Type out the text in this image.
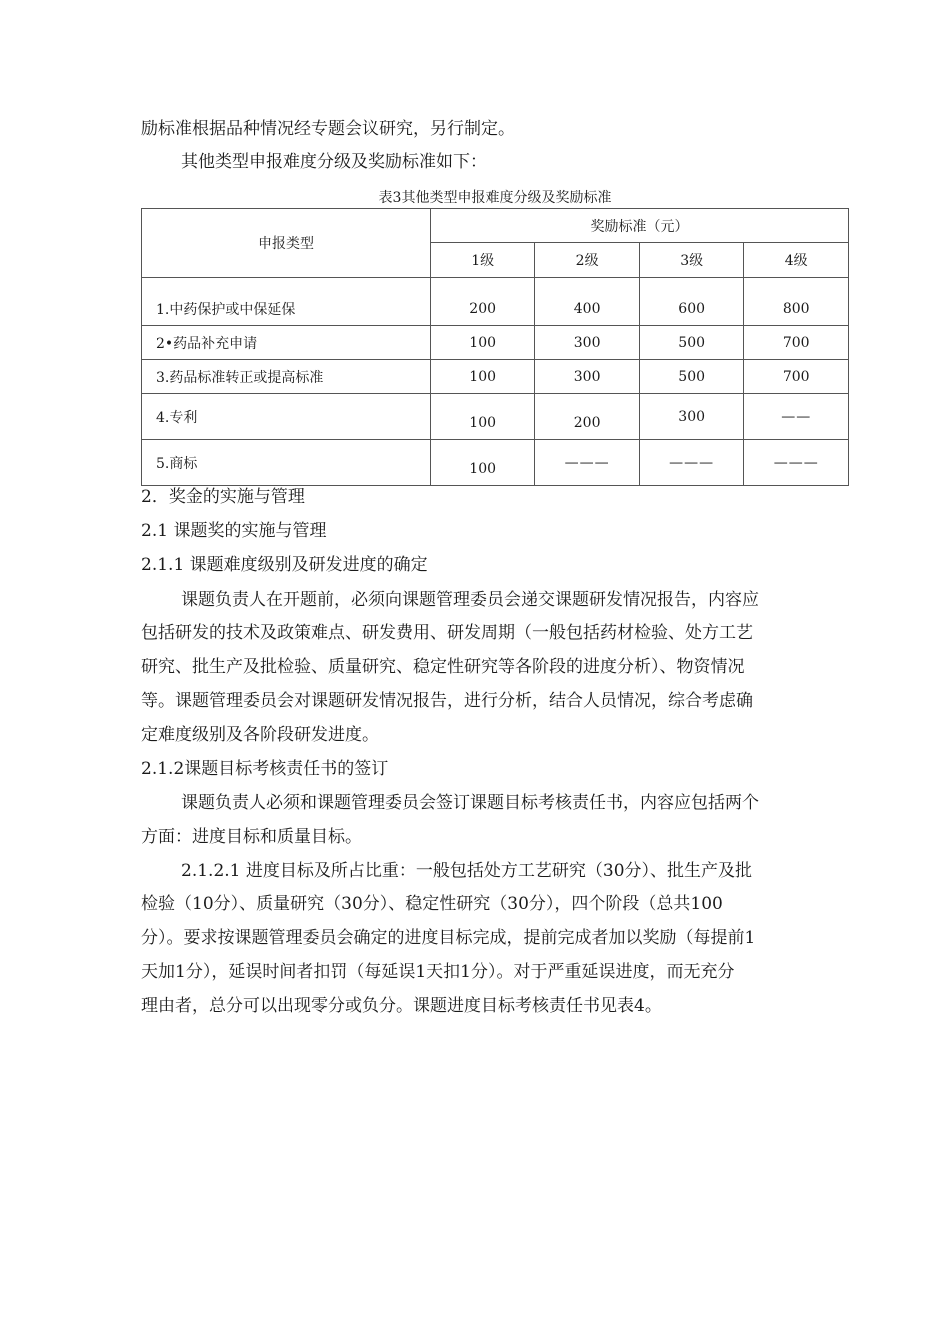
励标准根据品种情况经专题会议研究，另行制定。
其他类型申报难度分级及奖励标准如下：
表3其他类型申报难度分级及奖励标准
申报类型	奖励标准（元）			
	1级	2级	3级	4级
1.中药保护或中保延保	200	400	600	800
2•药品补充申请	100	300	500	700
3.药品标准转正或提高标准	100	300	500	700
4.专利	100	200	300	——
5.商标	100	———	———	———
2．奖金的实施与管理
2.1 课题奖的实施与管理
2.1.1 课题难度级别及研发进度的确定
课题负责人在开题前，必须向课题管理委员会递交课题研发情况报告，内容应
包括研发的技术及政策难点、研发费用、研发周期（一般包括药材检验、处方工艺
研究、批生产及批检验、质量研究、稳定性研究等各阶段的进度分析）、物资情况
等。课题管理委员会对课题研发情况报告，进行分析，结合人员情况，综合考虑确
定难度级别及各阶段研发进度。
2.1.2课题目标考核责任书的签订
课题负责人必须和课题管理委员会签订课题目标考核责任书，内容应包括两个
方面：进度目标和质量目标。
2.1.2.1 进度目标及所占比重：一般包括处方工艺研究（30分）、批生产及批
检验（10分）、质量研究（30分）、稳定性研究（30分），四个阶段（总共100
分）。要求按课题管理委员会确定的进度目标完成，提前完成者加以奖励（每提前1
天加1分），延误时间者扣罚（每延误1天扣1分）。对于严重延误进度，而无充分
理由者，总分可以出现零分或负分。课题进度目标考核责任书见表4。
